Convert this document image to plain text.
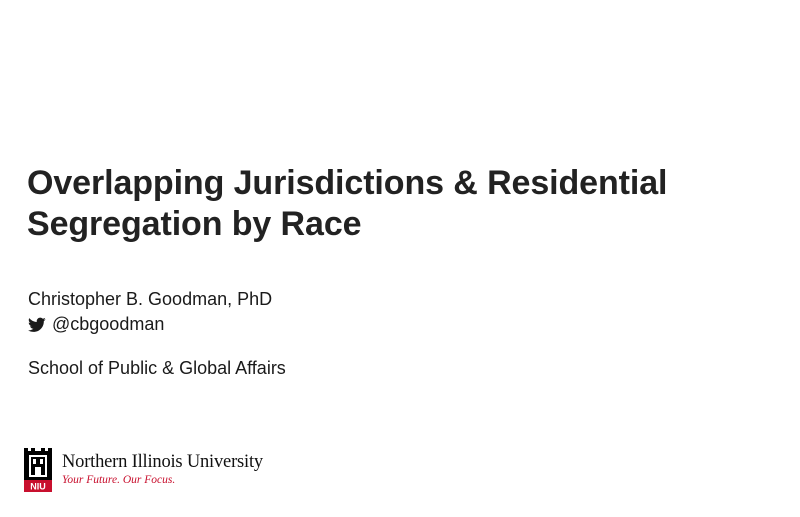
Overlapping Jurisdictions & Residential
Segregation by Race
Christopher B. Goodman, PhD
@cbgoodman
School of Public & Global Affairs
NIU
Northern Illinois University
Your Future. Our Focus.
